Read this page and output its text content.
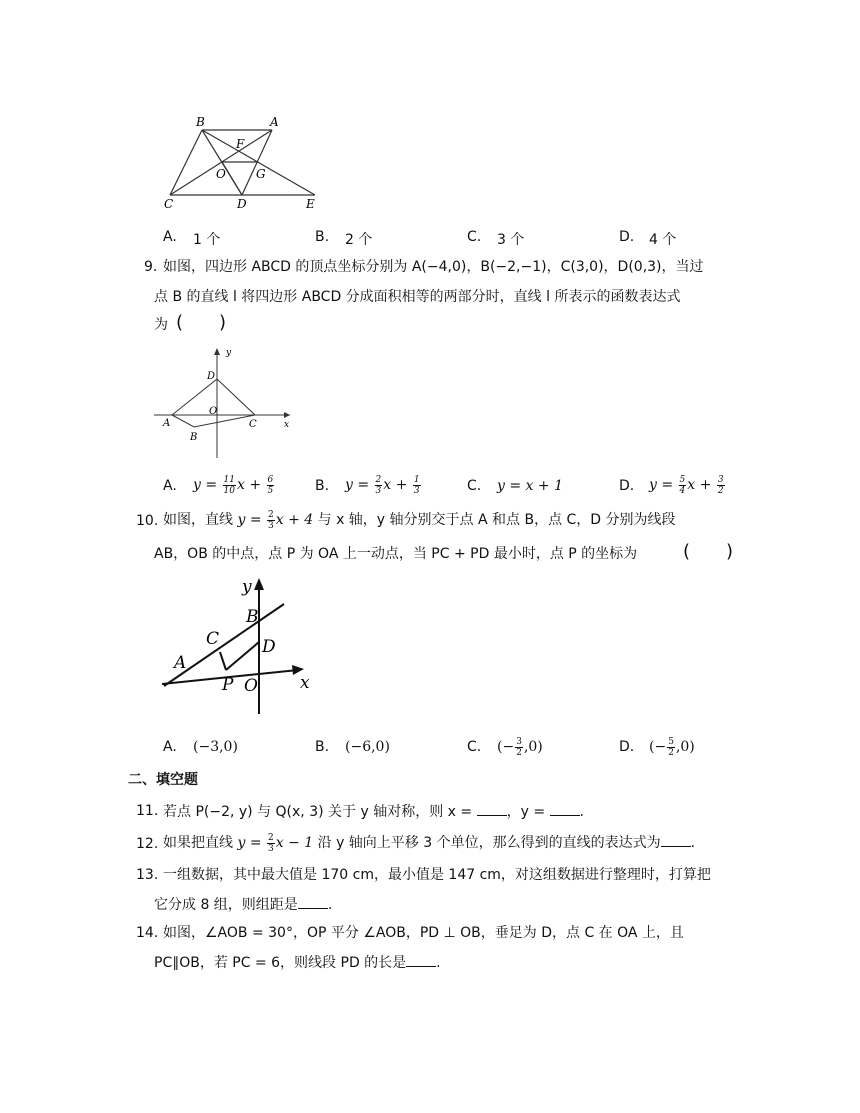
B	A
F
O	G
C	D	E
A. 1 个	B. 2 个	C. 3 个	D. 4 个
9. 如图，四边形 ABCD 的顶点坐标分别为 A(−4,0)，B(−2,−1)，C(3,0)，D(0,3)，当过
点 B 的直线 l 将四边形 ABCD 分成面积相等的两部分时，直线 l 所表示的函数表达式
为 (　　)
y
D
O
A	C	x
B
A. $y = \frac{11}{10}$ $x + \frac{6}{5}$	B. $y = \frac{2}{3}$ $x + \frac{1}{3}$	C. y = x + 1	D. $y = \frac{5}{4}$ $x + \frac{3}{2}$
10. 如图，直线 $y = \frac{2}{3}$ x + 4 与 x 轴，y 轴分别交于点 A 和点 B，点 C，D 分别为线段
AB，OB 的中点，点 P 为 OA 上一动点，当 PC + PD 最小时，点 P 的坐标为	(　　)
y
B
C	D
A
P O x
A. (−3,0)	B. (−6,0)	C. (− $\frac{3}{2} ,0$)	D. (− $\frac{5}{2} ,0$)
二、填空题
11. 若点 P(−2, y) 与 Q(x, 3) 关于 y 轴对称，则 x = ，y = .
12. 如果把直线 $y = \frac{2}{3}$ x − 1 沿 y 轴向上平移 3 个单位，那么得到的直线的表达式为 .
13. 一组数据，其中最大值是 170 cm，最小值是 147 cm，对这组数据进行整理时，打算把
它分成 8 组，则组距是 .
14. 如图，∠AOB = 30°，OP 平分 ∠AOB，PD ⊥ OB，垂足为 D，点 C 在 OA 上，且
PC∥OB，若 PC = 6，则线段 PD 的长是 .
